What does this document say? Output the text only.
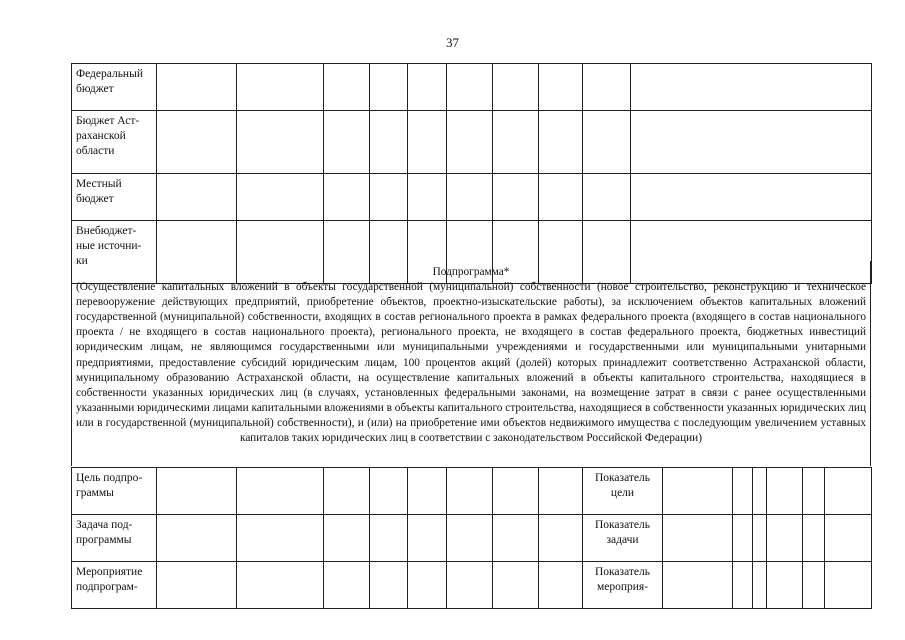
37
Федеральный бюджет										
Бюджет Аст-раханской области										
Местный бюджет										
Внебюджет-ные источни-ки										
Подпрограмма*
(Осуществление капитальных вложений в объекты государственной (муниципальной) собственности (новое строительство, реконструкцию и техническое перевооружение действующих предприятий, приобретение объектов, проектно-изыскательские работы), за исключением объектов капитальных вложений государственной (муниципальной) собственности, входящих в состав регионального проекта в рамках федерального проекта (входящего в состав национального проекта / не входящего в состав национального проекта), регионального проекта, не входящего в состав федерального проекта, бюджетных инвестиций юридическим лицам, не являющимся государственными или муниципальными учреждениями и государственными или муниципальными унитарными предприятиями, предоставление субсидий юридическим лицам, 100 процентов акций (долей) которых принадлежит соответственно Астраханской области, муниципальному образованию Астраханской области, на осуществление капитальных вложений в объекты капитального строительства, находящиеся в собственности указанных юридических лиц (в случаях, установленных федеральными законами, на возмещение затрат в связи с ранее осуществленными указанными юридическими лицами капитальными вложениями в объекты капитального строительства, находящиеся в собственности указанных юридических лиц или в государственной (муниципальной) собственности), и (или) на приобретение ими объектов недвижимого имущества с последующим увеличением уставных капиталов таких юридических лиц в соответствии с законодательством Российской Федерации)
Цель подпро-граммы									Показатель цели						
Задача под-программы									Показатель задачи						
Мероприятие подпрограм-									Показатель мероприя-						
